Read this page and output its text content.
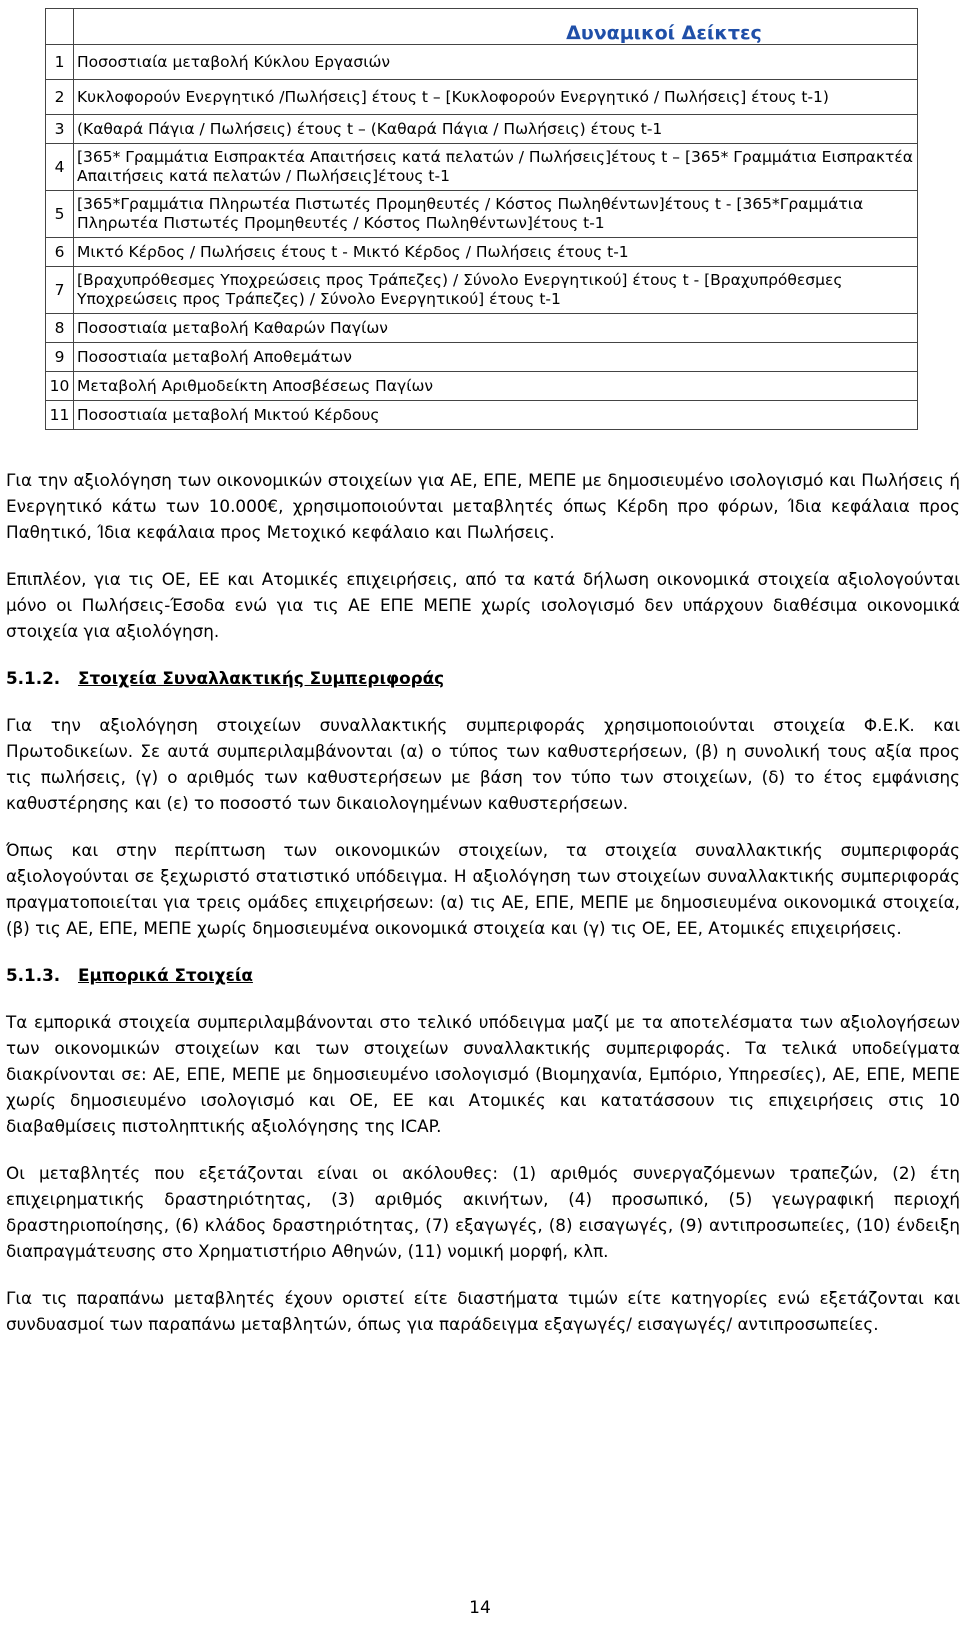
	Δυναμικοί Δείκτες
1	Ποσοστιαία μεταβολή Κύκλου Εργασιών
2	Κυκλοφορούν Ενεργητικό /Πωλήσεις] έτους t – [Κυκλοφορούν Ενεργητικό / Πωλήσεις] έτους t-1)
3	(Καθαρά Πάγια / Πωλήσεις) έτους t – (Καθαρά Πάγια / Πωλήσεις) έτους t-1
4	[365* Γραμμάτια Εισπρακτέα Απαιτήσεις κατά πελατών / Πωλήσεις]έτους t – [365* Γραμμάτια Εισπρακτέα Απαιτήσεις κατά πελατών / Πωλήσεις]έτους t-1
5	[365*Γραμμάτια Πληρωτέα Πιστωτές Προμηθευτές / Κόστος Πωληθέντων]έτους t - [365*Γραμμάτια Πληρωτέα Πιστωτές Προμηθευτές / Κόστος Πωληθέντων]έτους t-1
6	Μικτό Κέρδος / Πωλήσεις έτους t - Μικτό Κέρδος / Πωλήσεις έτους t-1
7	[Βραχυπρόθεσμες Υποχρεώσεις προς Τράπεζες) / Σύνολο Ενεργητικού] έτους t - [Βραχυπρόθεσμες Υποχρεώσεις προς Τράπεζες) / Σύνολο Ενεργητικού] έτους t-1
8	Ποσοστιαία μεταβολή Καθαρών Παγίων
9	Ποσοστιαία μεταβολή Αποθεμάτων
10	Μεταβολή Αριθμοδείκτη Αποσβέσεως Παγίων
11	Ποσοστιαία μεταβολή Μικτού Κέρδους

Για την αξιολόγηση των οικονομικών στοιχείων για ΑΕ, ΕΠΕ, ΜΕΠΕ με δημοσιευμένο ισολογισμό και Πωλήσεις ή Ενεργητικό κάτω των 10.000€, χρησιμοποιούνται μεταβλητές όπως Κέρδη προ φόρων, Ίδια κεφάλαια προς Παθητικό, Ίδια κεφάλαια προς Μετοχικό κεφάλαιο και Πωλήσεις.

Επιπλέον, για τις ΟΕ, ΕΕ και Ατομικές επιχειρήσεις, από τα κατά δήλωση οικονομικά στοιχεία αξιολογούνται μόνο οι Πωλήσεις-Έσοδα ενώ για τις ΑΕ ΕΠΕ ΜΕΠΕ χωρίς ισολογισμό δεν υπάρχουν διαθέσιμα οικονομικά στοιχεία για αξιολόγηση.

5.1.2. Στοιχεία Συναλλακτικής Συμπεριφοράς

Για την αξιολόγηση στοιχείων συναλλακτικής συμπεριφοράς χρησιμοποιούνται στοιχεία Φ.Ε.Κ. και Πρωτοδικείων. Σε αυτά συμπεριλαμβάνονται (α) ο τύπος των καθυστερήσεων, (β) η συνολική τους αξία προς τις πωλήσεις, (γ) ο αριθμός των καθυστερήσεων με βάση τον τύπο των στοιχείων, (δ) το έτος εμφάνισης καθυστέρησης και (ε) το ποσοστό των δικαιολογημένων καθυστερήσεων.

Όπως και στην περίπτωση των οικονομικών στοιχείων, τα στοιχεία συναλλακτικής συμπεριφοράς αξιολογούνται σε ξεχωριστό στατιστικό υπόδειγμα. Η αξιολόγηση των στοιχείων συναλλακτικής συμπεριφοράς πραγματοποιείται για τρεις ομάδες επιχειρήσεων: (α) τις ΑΕ, ΕΠΕ, ΜΕΠΕ με δημοσιευμένα οικονομικά στοιχεία, (β) τις ΑΕ, ΕΠΕ, ΜΕΠΕ χωρίς δημοσιευμένα οικονομικά στοιχεία και (γ) τις ΟΕ, ΕΕ, Ατομικές επιχειρήσεις.

5.1.3. Εμπορικά Στοιχεία

Τα εμπορικά στοιχεία συμπεριλαμβάνονται στο τελικό υπόδειγμα μαζί με τα αποτελέσματα των αξιολογήσεων των οικονομικών στοιχείων και των στοιχείων συναλλακτικής συμπεριφοράς. Τα τελικά υποδείγματα διακρίνονται σε: ΑΕ, ΕΠΕ, ΜΕΠΕ με δημοσιευμένο ισολογισμό (Βιομηχανία, Εμπόριο, Υπηρεσίες), ΑΕ, ΕΠΕ, ΜΕΠΕ χωρίς δημοσιευμένο ισολογισμό και ΟΕ, ΕΕ και Ατομικές και κατατάσσουν τις επιχειρήσεις στις 10 διαβαθμίσεις πιστοληπτικής αξιολόγησης της ICAP.

Οι μεταβλητές που εξετάζονται είναι οι ακόλουθες: (1) αριθμός συνεργαζόμενων τραπεζών, (2) έτη επιχειρηματικής δραστηριότητας, (3) αριθμός ακινήτων, (4) προσωπικό, (5) γεωγραφική περιοχή δραστηριοποίησης, (6) κλάδος δραστηριότητας, (7) εξαγωγές, (8) εισαγωγές, (9) αντιπροσωπείες, (10) ένδειξη διαπραγμάτευσης στο Χρηματιστήριο Αθηνών, (11) νομική μορφή, κλπ.

Για τις παραπάνω μεταβλητές έχουν οριστεί είτε διαστήματα τιμών είτε κατηγορίες ενώ εξετάζονται και συνδυασμοί των παραπάνω μεταβλητών, όπως για παράδειγμα εξαγωγές/ εισαγωγές/ αντιπροσωπείες.

14
